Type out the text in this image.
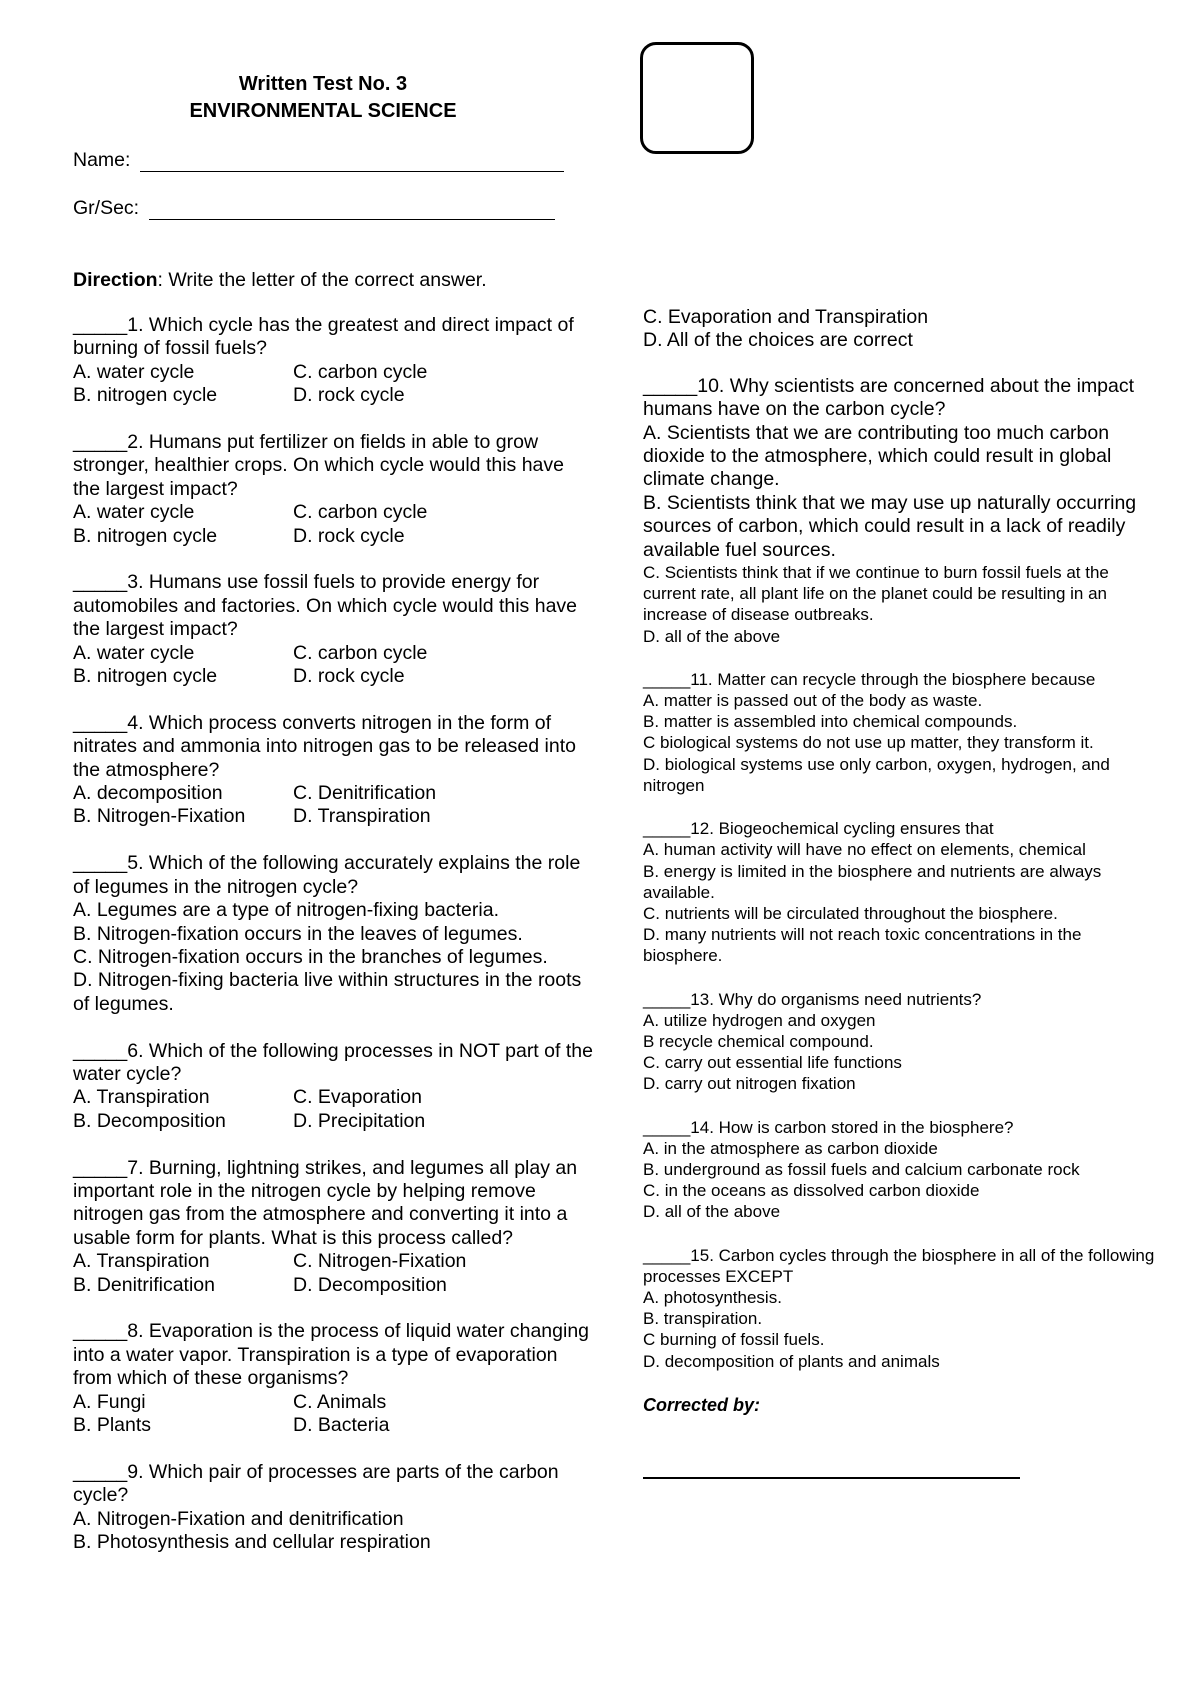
Written Test No. 3
ENVIRONMENTAL SCIENCE
Name:
Gr/Sec:
Direction: Write the letter of the correct answer.

_____1. Which cycle has the greatest and direct impact of burning of fossil fuels?

A. water cycle	C. carbon cycle
B. nitrogen cycle	D. rock cycle

_____2. Humans put fertilizer on fields in able to grow stronger, healthier crops. On which cycle would this have the largest impact?

A. water cycle	C. carbon cycle
B. nitrogen cycle	D. rock cycle

_____3. Humans use fossil fuels to provide energy for automobiles and factories. On which cycle would this have the largest impact?

A. water cycle	C. carbon cycle
B. nitrogen cycle	D. rock cycle

_____4. Which process converts nitrogen in the form of nitrates and ammonia into nitrogen gas to be released into the atmosphere?

A. decomposition	C. Denitrification
B. Nitrogen-Fixation	D. Transpiration

_____5. Which of the following accurately explains the role of legumes in the nitrogen cycle?

A. Legumes are a type of nitrogen-fixing bacteria.

B. Nitrogen-fixation occurs in the leaves of legumes.

C. Nitrogen-fixation occurs in the branches of legumes.

D. Nitrogen-fixing bacteria live within structures in the roots of legumes.

_____6. Which of the following processes in NOT part of the water cycle?

A. Transpiration	C. Evaporation
B. Decomposition	D. Precipitation

_____7. Burning, lightning strikes, and legumes all play an important role in the nitrogen cycle by helping remove nitrogen gas from the atmosphere and converting it into a usable form for plants. What is this process called?

A. Transpiration	C. Nitrogen-Fixation
B. Denitrification	D. Decomposition

_____8. Evaporation is the process of liquid water changing into a water vapor. Transpiration is a type of evaporation from which of these organisms?

A. Fungi	C. Animals
B. Plants	D. Bacteria

_____9. Which pair of processes are parts of the carbon cycle?

A. Nitrogen-Fixation and denitrification

B. Photosynthesis and cellular respiration

C. Evaporation and Transpiration

D. All of the choices are correct

_____10. Why scientists are concerned about the impact humans have on the carbon cycle?

A. Scientists that we are contributing too much carbon dioxide to the atmosphere, which could result in global climate change.

B. Scientists think that we may use up naturally occurring sources of carbon, which could result in a lack of readily available fuel sources.

C. Scientists think that if we continue to burn fossil fuels at the current rate, all plant life on the planet could be resulting in an increase of disease outbreaks.

D. all of the above

_____11. Matter can recycle through the biosphere because

A. matter is passed out of the body as waste.

B. matter is assembled into chemical compounds.

C biological systems do not use up matter, they transform it.

D. biological systems use only carbon, oxygen, hydrogen, and nitrogen

_____12. Biogeochemical cycling ensures that

A. human activity will have no effect on elements, chemical

B. energy is limited in the biosphere and nutrients are always available.

C. nutrients will be circulated throughout the biosphere.

D. many nutrients will not reach toxic concentrations in the biosphere.

_____13. Why do organisms need nutrients?

A. utilize hydrogen and oxygen

B recycle chemical compound.

C. carry out essential life functions

D. carry out nitrogen fixation

_____14. How is carbon stored in the biosphere?

A. in the atmosphere as carbon dioxide

B. underground as fossil fuels and calcium carbonate rock

C. in the oceans as dissolved carbon dioxide

D. all of the above

_____15. Carbon cycles through the biosphere in all of the following processes EXCEPT

A. photosynthesis.

B. transpiration.

C burning of fossil fuels.

D. decomposition of plants and animals

Corrected by:
